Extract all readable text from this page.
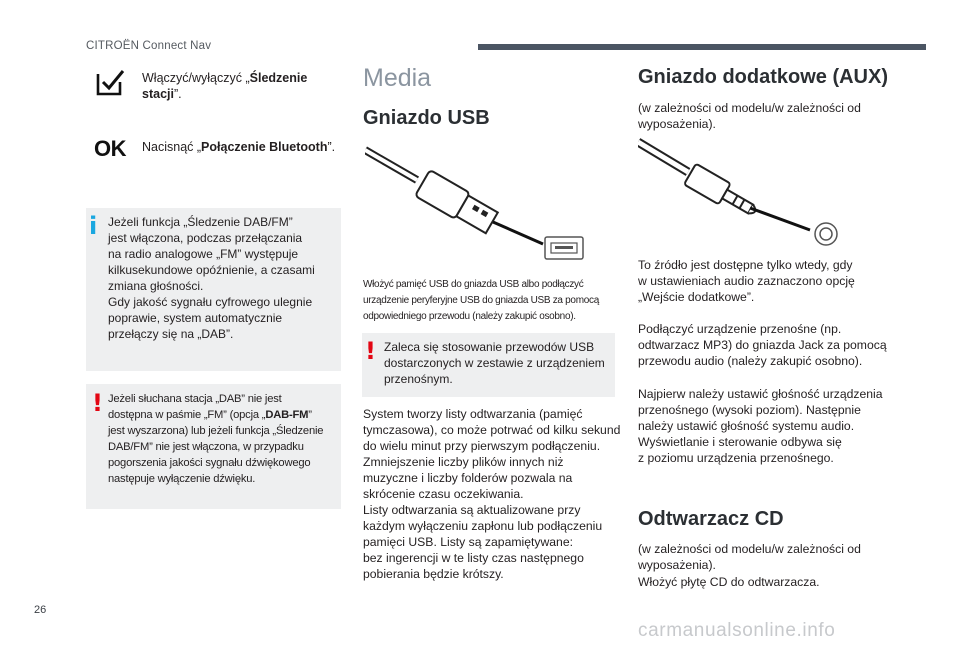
CITROËN Connect Nav
Włączyć/wyłączyć „Śledzenie stacji”.
OK Nacisnąć „Połączenie Bluetooth”.
i Jeżeli funkcja „Śledzenie DAB/FM”
jest włączona, podczas przełączania
na radio analogowe „FM” występuje
kilkusekundowe opóźnienie, a czasami
zmiana głośności.
Gdy jakość sygnału cyfrowego ulegnie
poprawie, system automatycznie
przełączy się na „DAB”.
! Jeżeli słuchana stacja „DAB” nie jest
dostępna w paśmie „FM” (opcja „DAB-FM”
jest wyszarzona) lub jeżeli funkcja „Śledzenie
DAB/FM” nie jest włączona, w przypadku
pogorszenia jakości sygnału dźwiękowego
następuje wyłączenie dźwięku.
Media
Gniazdo USB
Włożyć pamięć USB do gniazda USB albo podłączyć
urządzenie peryferyjne USB do gniazda USB za pomocą
odpowiedniego przewodu (należy zakupić osobno).
! Zaleca się stosowanie przewodów USB
dostarczonych w zestawie z urządzeniem
przenośnym.
System tworzy listy odtwarzania (pamięć
tymczasowa), co może potrwać od kilku sekund
do wielu minut przy pierwszym podłączeniu.
Zmniejszenie liczby plików innych niż
muzyczne i liczby folderów pozwala na
skrócenie czasu oczekiwania.
Listy odtwarzania są aktualizowane przy
każdym wyłączeniu zapłonu lub podłączeniu
pamięci USB. Listy są zapamiętywane:
bez ingerencji w te listy czas następnego
pobierania będzie krótszy.
Gniazdo dodatkowe (AUX)
(w zależności od modelu/w zależności od
wyposażenia).
To źródło jest dostępne tylko wtedy, gdy
w ustawieniach audio zaznaczono opcję
„Wejście dodatkowe”.
Podłączyć urządzenie przenośne (np.
odtwarzacz MP3) do gniazda Jack za pomocą
przewodu audio (należy zakupić osobno).
Najpierw należy ustawić głośność urządzenia
przenośnego (wysoki poziom). Następnie
należy ustawić głośność systemu audio.
Wyświetlanie i sterowanie odbywa się
z poziomu urządzenia przenośnego.
Odtwarzacz CD
(w zależności od modelu/w zależności od
wyposażenia).
Włożyć płytę CD do odtwarzacza.
26
carmanualsonline.info
